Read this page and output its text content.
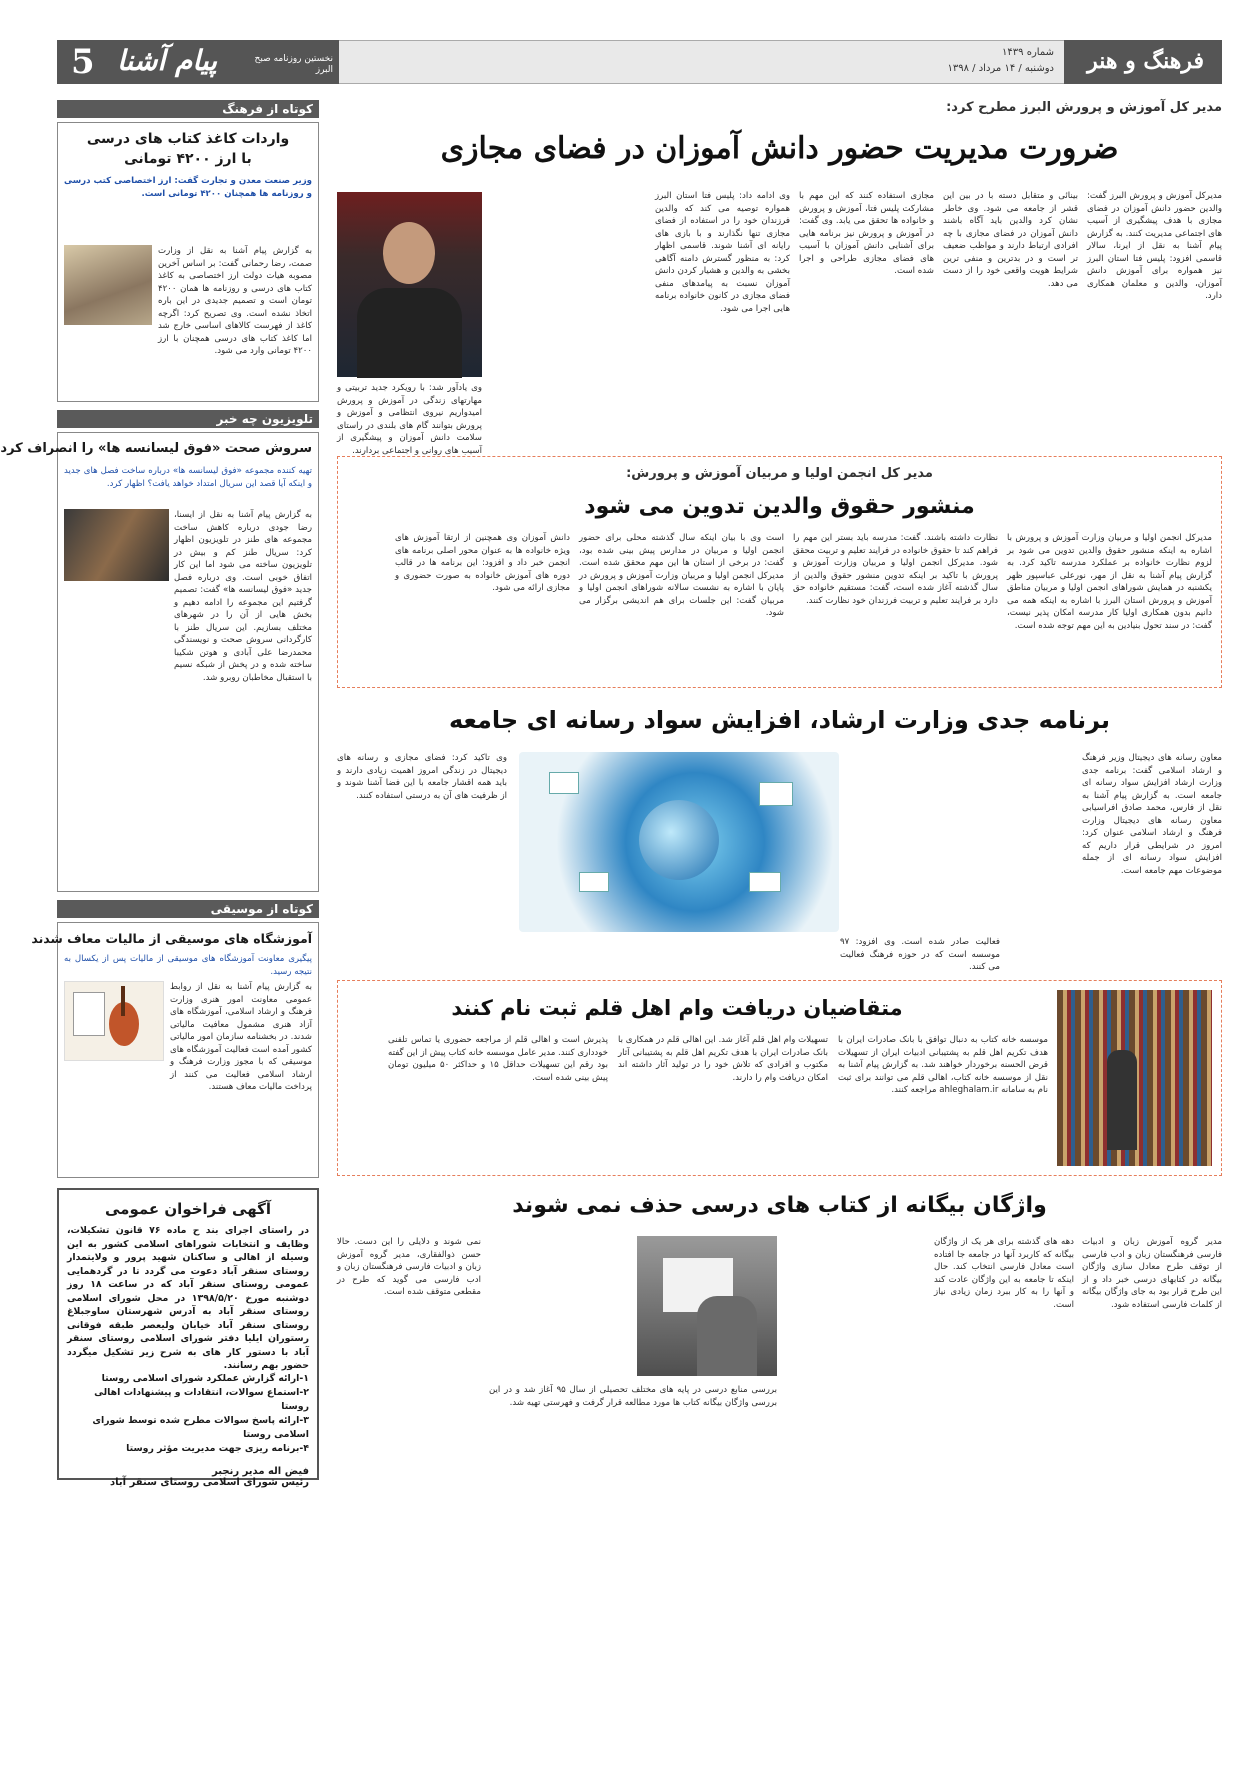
5 پیام آشنا	نخستین روزنامه صبح البرز
شماره ۱۴۳۹
دوشنبه / ۱۴ مرداد / ۱۳۹۸ فرهنگ و هنر
کوتاه از فرهنگ
واردات کاغذ کتاب های درسی با ارز ۴۲۰۰ تومانی
وزیر صنعت معدن و تجارت گفت: ارز اختصاصی کتب درسی و روزنامه ها همچنان ۴۲۰۰ تومانی است.
به گزارش پیام آشنا به نقل از وزارت صمت، رضا رحمانی گفت: بر اساس آخرین مصوبه هیات دولت ارز اختصاصی به کاغذ کتاب های درسی و روزنامه ها همان ۴۲۰۰ تومان است و تصمیم جدیدی در این باره اتخاذ نشده است. وی تصریح کرد: اگرچه کاغذ از فهرست کالاهای اساسی خارج شد اما کاغذ کتاب های درسی همچنان با ارز ۴۲۰۰ تومانی وارد می شود.
تلویزیون چه خبر
سروش صحت «فوق لیسانسه ها» را انصراف کرد
تهیه کننده مجموعه «فوق لیسانسه ها» درباره ساخت فصل های جدید و اینکه آیا قصد این سریال امتداد خواهد یافت؟ اظهار کرد.
به گزارش پیام آشنا به نقل از ایسنا، رضا جودی درباره کاهش ساخت مجموعه های طنز در تلویزیون اظهار کرد: سریال طنز کم و بیش در تلویزیون ساخته می شود اما این کار اتفاق خوبی است. وی درباره فصل جدید «فوق لیسانسه ها» گفت: تصمیم گرفتیم این مجموعه را ادامه دهیم و بخش هایی از آن را در شهرهای مختلف بسازیم. این سریال طنز با کارگردانی سروش صحت و نویسندگی محمدرضا علی آبادی و هوتن شکیبا ساخته شده و در پخش از شبکه نسیم با استقبال مخاطبان روبرو شد.
کوتاه از موسیقی
آموزشگاه های موسیقی از مالیات معاف شدند
پیگیری معاونت آموزشگاه های موسیقی از مالیات پس از یکسال به نتیجه رسید.
به گزارش پیام آشنا به نقل از روابط عمومی معاونت امور هنری وزارت فرهنگ و ارشاد اسلامی، آموزشگاه های آزاد هنری مشمول معافیت مالیاتی شدند. در بخشنامه سازمان امور مالیاتی کشور آمده است فعالیت آموزشگاه های موسیقی که با مجوز وزارت فرهنگ و ارشاد اسلامی فعالیت می کنند از پرداخت مالیات معاف هستند.
آگهی فراخوان عمومی
در راستای اجرای بند ح ماده ۷۶ قانون تشکیلات، وظایف و انتخابات شوراهای اسلامی کشور به این وسیله از اهالی و ساکنان شهید پرور و ولایتمدار روستای سنقر آباد دعوت می گردد تا در گردهمایی عمومی روستای سنقر آباد که در ساعت ۱۸ روز دوشنبه مورخ ۱۳۹۸/۵/۲۰ در محل شورای اسلامی روستای سنقر آباد به آدرس شهرستان ساوجبلاغ روستای سنقر آباد خیابان ولیعصر طبقه فوقانی رستوران ایلیا دفتر شورای اسلامی روستای سنقر آباد با دستور کار های به شرح زیر تشکیل میگردد حضور بهم رسانند.
۱-ارائه گزارش عملکرد شورای اسلامی روستا
۲-استماع سوالات، انتقادات و پیشنهادات اهالی روستا
۳-ارائه پاسخ سوالات مطرح شده توسط شورای اسلامی روستا
۴-برنامه ریزی جهت مدیریت مؤثر روستا
فیض اله مدیر رنجبر
رئیس شورای اسلامی روستای سنقر آباد
مدیر کل آموزش و پرورش البرز مطرح کرد:
ضرورت مدیریت حضور دانش آموزان در فضای مجازی
مدیرکل آموزش و پرورش البرز گفت: والدین حضور دانش آموزان در فضای مجازی با هدف پیشگیری از آسیب های اجتماعی مدیریت کنند. به گزارش پیام آشنا به نقل از ایرنا، سالار قاسمی افزود: پلیس فتا استان البرز نیز همواره برای آموزش دانش آموزان، والدین و معلمان همکاری دارد.
بینائی و متقابل دسته با در بین این قشر از جامعه می شود. وی خاطر نشان کرد والدین باید آگاه باشند دانش آموزان در فضای مجازی با چه افرادی ارتباط دارند و مواظب ضعیف تر است و در بدترین و منفی ترین شرایط هویت واقعی خود را از دست می دهد.
مجازی استفاده کنند که این مهم با مشارکت پلیس فتا، آموزش و پرورش و خانواده ها تحقق می یابد. وی گفت: در آموزش و پرورش نیز برنامه هایی برای آشنایی دانش آموزان با آسیب های فضای مجازی طراحی و اجرا شده است.
وی ادامه داد: پلیس فتا استان البرز همواره توصیه می کند که والدین فرزندان خود را در استفاده از فضای مجازی تنها نگذارند و با بازی های رایانه ای آشنا شوند. قاسمی اظهار کرد: به منظور گسترش دامنه آگاهی بخشی به والدین و هشیار کردن دانش آموزان نسبت به پیامدهای منفی فضای مجازی در کانون خانواده برنامه هایی اجرا می شود.
وی یادآور شد: با رویکرد جدید تربیتی و مهارتهای زندگی در آموزش و پرورش امیدواریم نیروی انتظامی و آموزش و پرورش بتوانند گام های بلندی در راستای سلامت دانش آموزان و پیشگیری از آسیب های روانی و اجتماعی بردارند.
مدیر کل انجمن اولیا و مربیان آموزش و پرورش:
منشور حقوق والدین تدوین می شود
مدیرکل انجمن اولیا و مربیان وزارت آموزش و پرورش با اشاره به اینکه منشور حقوق والدین تدوین می شود بر لزوم نظارت خانواده بر عملکرد مدرسه تاکید کرد. به گزارش پیام آشنا به نقل از مهر، نورعلی عباسپور ظهر یکشنبه در همایش شوراهای انجمن اولیا و مربیان مناطق آموزش و پرورش استان البرز با اشاره به اینکه همه می دانیم بدون همکاری اولیا کار مدرسه امکان پذیر نیست، گفت: در سند تحول بنیادین به این مهم توجه شده است.
نظارت داشته باشند. گفت: مدرسه باید بستر این مهم را فراهم کند تا حقوق خانواده در فرایند تعلیم و تربیت محقق شود. مدیرکل انجمن اولیا و مربیان وزارت آموزش و پرورش با تاکید بر اینکه تدوین منشور حقوق والدین از سال گذشته آغاز شده است، گفت: مستقیم خانواده حق دارد بر فرایند تعلیم و تربیت فرزندان خود نظارت کنند.
است وی با بیان اینکه سال گذشته محلی برای حضور انجمن اولیا و مربیان در مدارس پیش بینی شده بود، گفت: در برخی از استان ها این مهم محقق شده است. مدیرکل انجمن اولیا و مربیان وزارت آموزش و پرورش در پایان با اشاره به نشست سالانه شوراهای انجمن اولیا و مربیان گفت: این جلسات برای هم اندیشی برگزار می شود.
دانش آموزان وی همچنین از ارتقا آموزش های ویژه خانواده ها به عنوان محور اصلی برنامه های انجمن خبر داد و افزود: این برنامه ها در قالب دوره های آموزش خانواده به صورت حضوری و مجازی ارائه می شود.
برنامه جدی وزارت ارشاد، افزایش سواد رسانه ای جامعه
معاون رسانه های دیجیتال وزیر فرهنگ و ارشاد اسلامی گفت: برنامه جدی وزارت ارشاد افزایش سواد رسانه ای جامعه است. به گزارش پیام آشنا به نقل از فارس، محمد صادق افراسیابی معاون رسانه های دیجیتال وزارت فرهنگ و ارشاد اسلامی عنوان کرد: امروز در شرایطی قرار داریم که افزایش سواد رسانه ای از جمله موضوعات مهم جامعه است.
فعالیت صادر شده است. وی افزود: ۹۷ موسسه است که در حوزه فرهنگ فعالیت می کنند.
وی تاکید کرد: فضای مجازی و رسانه های دیجیتال در زندگی امروز اهمیت زیادی دارند و باید همه اقشار جامعه با این فضا آشنا شوند و از ظرفیت های آن به درستی استفاده کنند.
متقاضیان دریافت وام اهل قلم ثبت نام کنند
موسسه خانه کتاب به دنبال توافق با بانک صادرات ایران با هدف تکریم اهل قلم به پشتیبانی ادبیات ایران از تسهیلات قرض الحسنه برخوردار خواهند شد. به گزارش پیام آشنا به نقل از موسسه خانه کتاب، اهالی قلم می توانند برای ثبت نام به سامانه ahleghalam.ir مراجعه کنند.
تسهیلات وام اهل قلم آغاز شد. این اهالی قلم در همکاری با بانک صادرات ایران با هدف تکریم اهل قلم به پشتیبانی آثار مکتوب و افرادی که تلاش خود را در تولید آثار داشته اند امکان دریافت وام را دارند.
پذیرش است و اهالی قلم از مراجعه حضوری یا تماس تلفنی خودداری کنند. مدیر عامل موسسه خانه کتاب پیش از این گفته بود رقم این تسهیلات حداقل ۱۵ و حداکثر ۵۰ میلیون تومان پیش بینی شده است.
واژگان بیگانه از کتاب های درسی حذف نمی شوند
مدیر گروه آموزش زبان و ادبیات فارسی فرهنگستان زبان و ادب فارسی از توقف طرح معادل سازی واژگان بیگانه در کتابهای درسی خبر داد و از این طرح قرار بود به جای واژگان بیگانه از کلمات فارسی استفاده شود.
دهه های گذشته برای هر یک از واژگان بیگانه که کاربرد آنها در جامعه جا افتاده است معادل فارسی انتخاب کند. حال اینکه تا جامعه به این واژگان عادت کند و آنها را به کار ببرد زمان زیادی نیاز است.
بررسی منابع درسی در پایه های مختلف تحصیلی از سال ۹۵ آغاز شد و در این بررسی واژگان بیگانه کتاب ها مورد مطالعه قرار گرفت و فهرستی تهیه شد.
نمی شوند و دلایلی را این دست. حالا حسن ذوالفقاری، مدیر گروه آموزش زبان و ادبیات فارسی فرهنگستان زبان و ادب فارسی می گوید که طرح در مقطعی متوقف شده است.
